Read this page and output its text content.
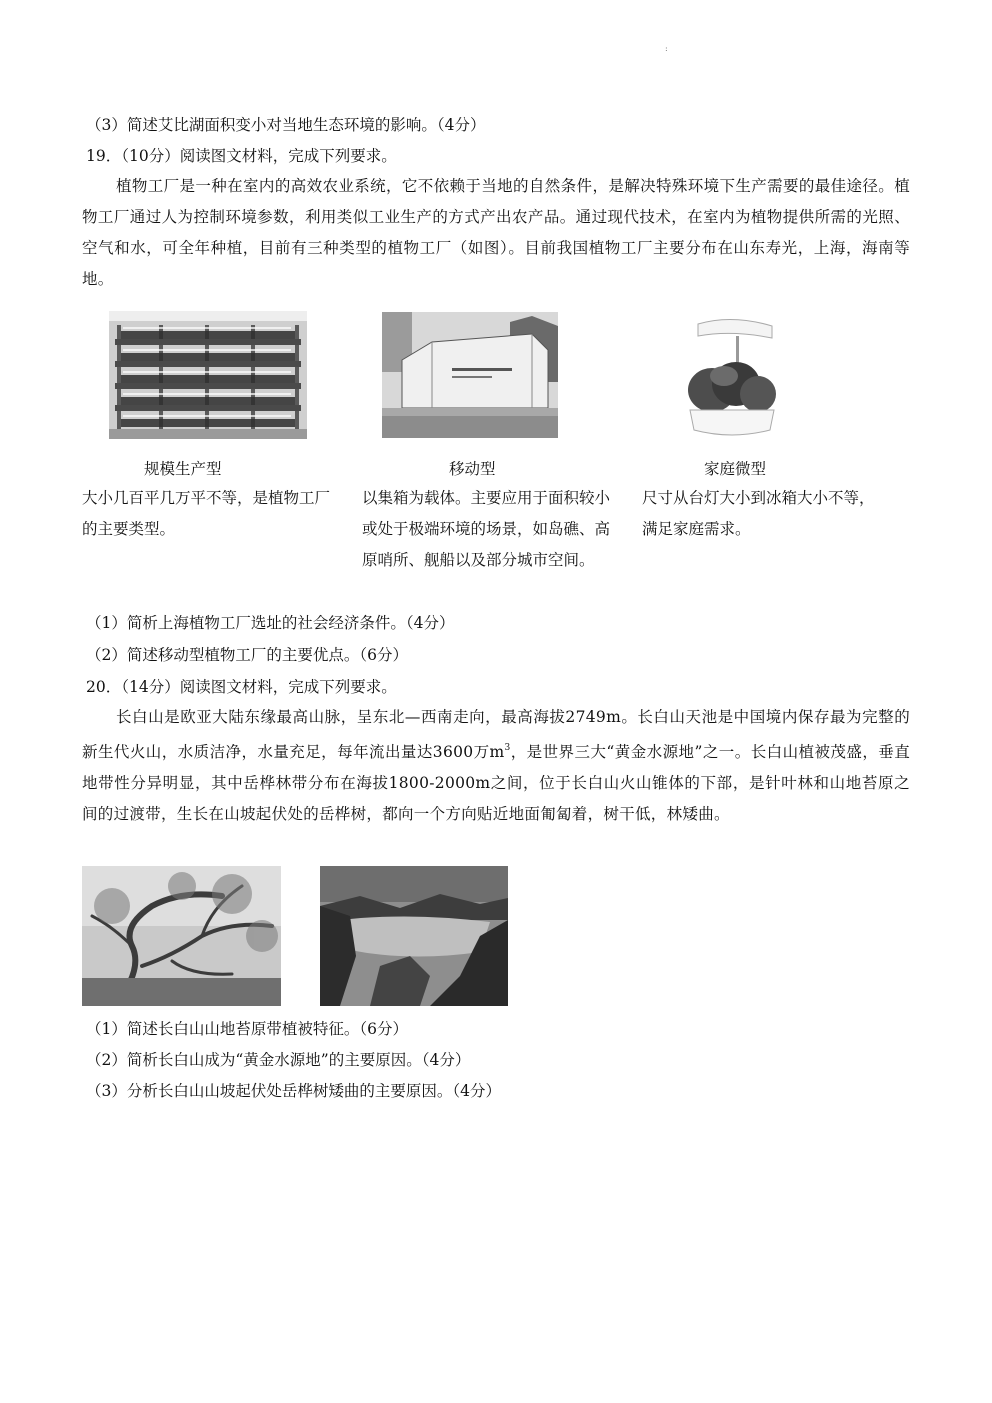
:
（3）简述艾比湖面积变小对当地生态环境的影响。（4分）
19．（10分）阅读图文材料，完成下列要求。
植物工厂是一种在室内的高效农业系统，它不依赖于当地的自然条件，是解决特殊环境下生产需要的最佳途径。植物工厂通过人为控制环境参数，利用类似工业生产的方式产出农产品。通过现代技术，在室内为植物提供所需的光照、空气和水，可全年种植，目前有三种类型的植物工厂（如图）。目前我国植物工厂主要分布在山东寿光，上海，海南等地。
规模生产型	移动型	家庭微型
大小几百平几万平不等，是植物工厂的主要类型。
以集箱为载体。主要应用于面积较小或处于极端环境的场景，如岛礁、高原哨所、舰船以及部分城市空间。
尺寸从台灯大小到冰箱大小不等，满足家庭需求。
（1）简析上海植物工厂选址的社会经济条件。（4分）
（2）简述移动型植物工厂的主要优点。（6分）
20．（14分）阅读图文材料，完成下列要求。
长白山是欧亚大陆东缘最高山脉，呈东北—西南走向，最高海拔2749m。长白山天池是中国境内保存最为完整的新生代火山，水质洁净，水量充足，每年流出量达3600万$m^3$，是世界三大“黄金水源地”之一。长白山植被茂盛，垂直地带性分异明显，其中岳桦林带分布在海拔1800-2000m之间，位于长白山火山锥体的下部，是针叶林和山地苔原之间的过渡带，生长在山坡起伏处的岳桦树，都向一个方向贴近地面匍匐着，树干低，林矮曲。
（1）简述长白山山地苔原带植被特征。（6分）
（2）简析长白山成为“黄金水源地”的主要原因。（4分）
（3）分析长白山山坡起伏处岳桦树矮曲的主要原因。（4分）
